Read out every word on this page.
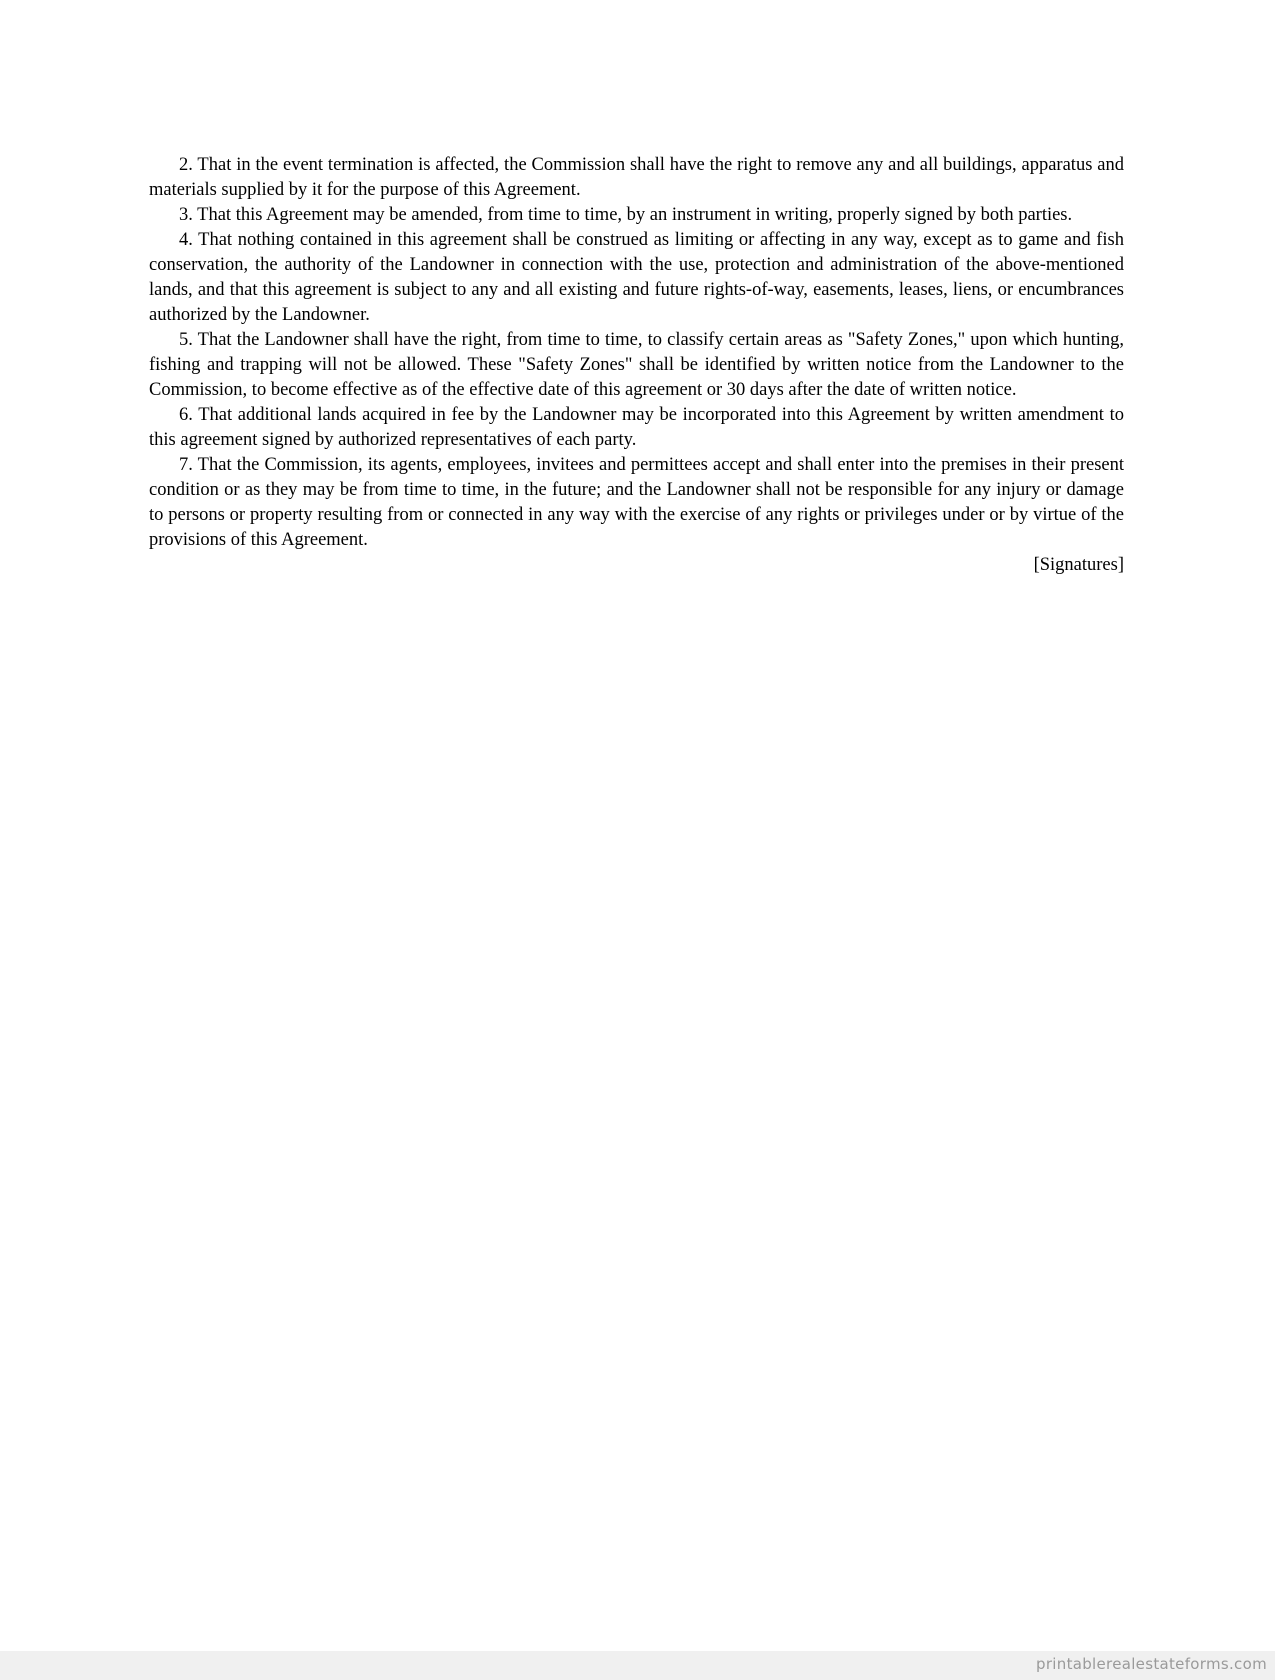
2. That in the event termination is affected, the Commission shall have the right to remove any and all buildings, apparatus and materials supplied by it for the purpose of this Agreement.

3. That this Agreement may be amended, from time to time, by an instrument in writing, properly signed by both parties.

4. That nothing contained in this agreement shall be construed as limiting or affecting in any way, except as to game and fish conservation, the authority of the Landowner in connection with the use, protection and administration of the above-mentioned lands, and that this agreement is subject to any and all existing and future rights-of-way, easements, leases, liens, or encumbrances authorized by the Landowner.

5. That the Landowner shall have the right, from time to time, to classify certain areas as "Safety Zones," upon which hunting, fishing and trapping will not be allowed. These "Safety Zones" shall be identified by written notice from the Landowner to the Commission, to become effective as of the effective date of this agreement or 30 days after the date of written notice.

6. That additional lands acquired in fee by the Landowner may be incorporated into this Agreement by written amendment to this agreement signed by authorized representatives of each party.

7. That the Commission, its agents, employees, invitees and permittees accept and shall enter into the premises in their present condition or as they may be from time to time, in the future; and the Landowner shall not be responsible for any injury or damage to persons or property resulting from or connected in any way with the exercise of any rights or privileges under or by virtue of the provisions of this Agreement.

[Signatures]

printablerealestateforms.com
